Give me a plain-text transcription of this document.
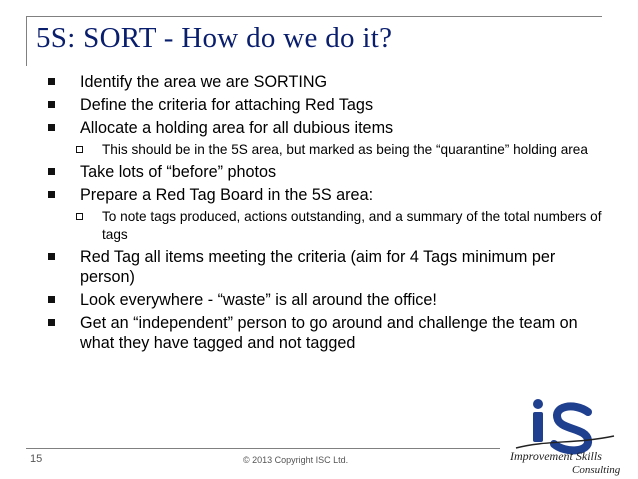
5S: SORT - How do we do it?
Identify the area we are SORTING
Define the criteria for attaching Red Tags
Allocate a holding area for all dubious items
This should be in the 5S area, but marked as being the “quarantine” holding area
Take lots of “before” photos
Prepare a Red Tag Board in the 5S area:
To note tags produced, actions outstanding, and a summary of the total numbers of tags
Red Tag all items meeting the criteria (aim for 4 Tags minimum per person)
Look everywhere - “waste” is all around the office!
Get an “independent” person to go around and challenge the team on what they have tagged and not tagged
15	© 2013 Copyright ISC Ltd.	Improvement Skills
Consulting
